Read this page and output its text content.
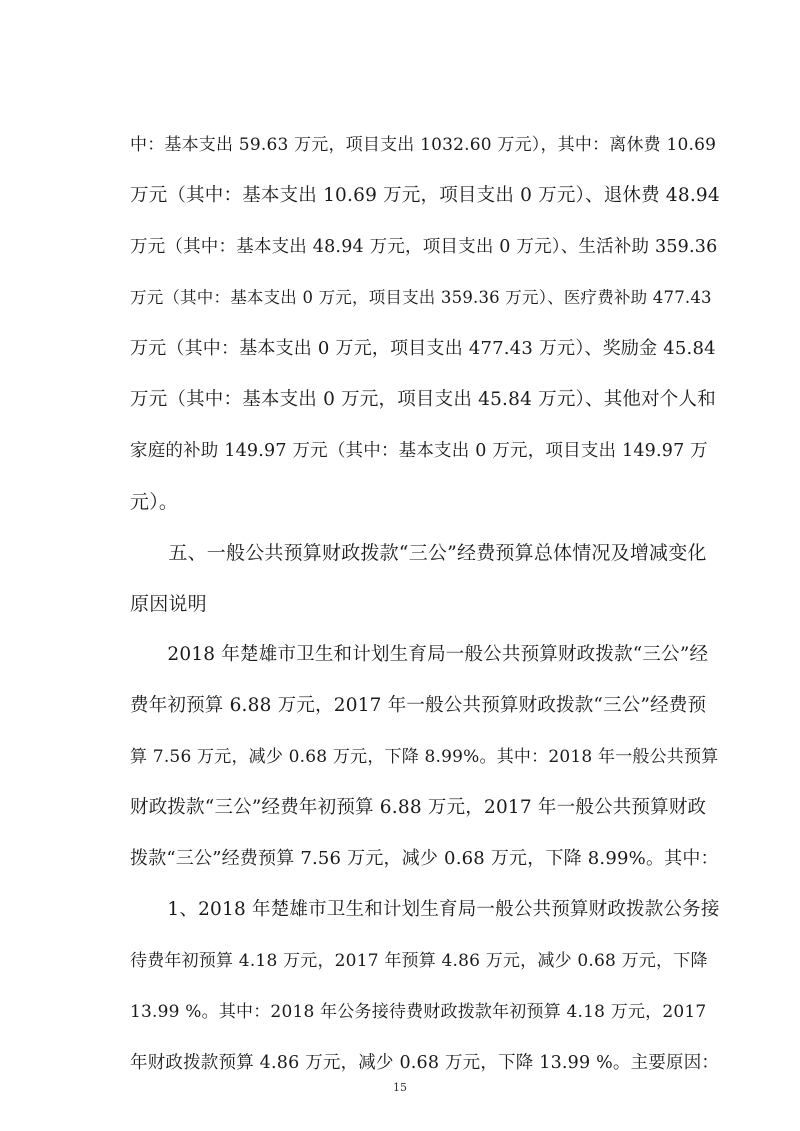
中：基本支出 59.63 万元，项目支出 1032.60 万元），其中：离休费 10.69
万元（其中：基本支出 10.69 万元，项目支出 0 万元）、退休费 48.94
万元（其中：基本支出 48.94 万元，项目支出 0 万元）、生活补助 359.36
万元（其中：基本支出 0 万元，项目支出 359.36 万元）、医疗费补助 477.43
万元（其中：基本支出 0 万元，项目支出 477.43 万元）、奖励金 45.84
万元（其中：基本支出 0 万元，项目支出 45.84 万元）、其他对个人和
家庭的补助 149.97 万元（其中：基本支出 0 万元，项目支出 149.97 万
元）。
　　五、一般公共预算财政拨款“三公”经费预算总体情况及增减变化
原因说明
　　2018 年楚雄市卫生和计划生育局一般公共预算财政拨款“三公”经
费年初预算 6.88 万元，2017 年一般公共预算财政拨款“三公”经费预
算 7.56 万元，减少 0.68 万元，下降 8.99%。其中：2018 年一般公共预算
财政拨款“三公”经费年初预算 6.88 万元，2017 年一般公共预算财政
拨款“三公”经费预算 7.56 万元，减少 0.68 万元，下降 8.99%。其中：
　　1、2018 年楚雄市卫生和计划生育局一般公共预算财政拨款公务接
待费年初预算 4.18 万元，2017 年预算 4.86 万元，减少 0.68 万元，下降
13.99 %。其中：2018 年公务接待费财政拨款年初预算 4.18 万元，2017
年财政拨款预算 4.86 万元，减少 0.68 万元，下降 13.99 %。主要原因：
15
